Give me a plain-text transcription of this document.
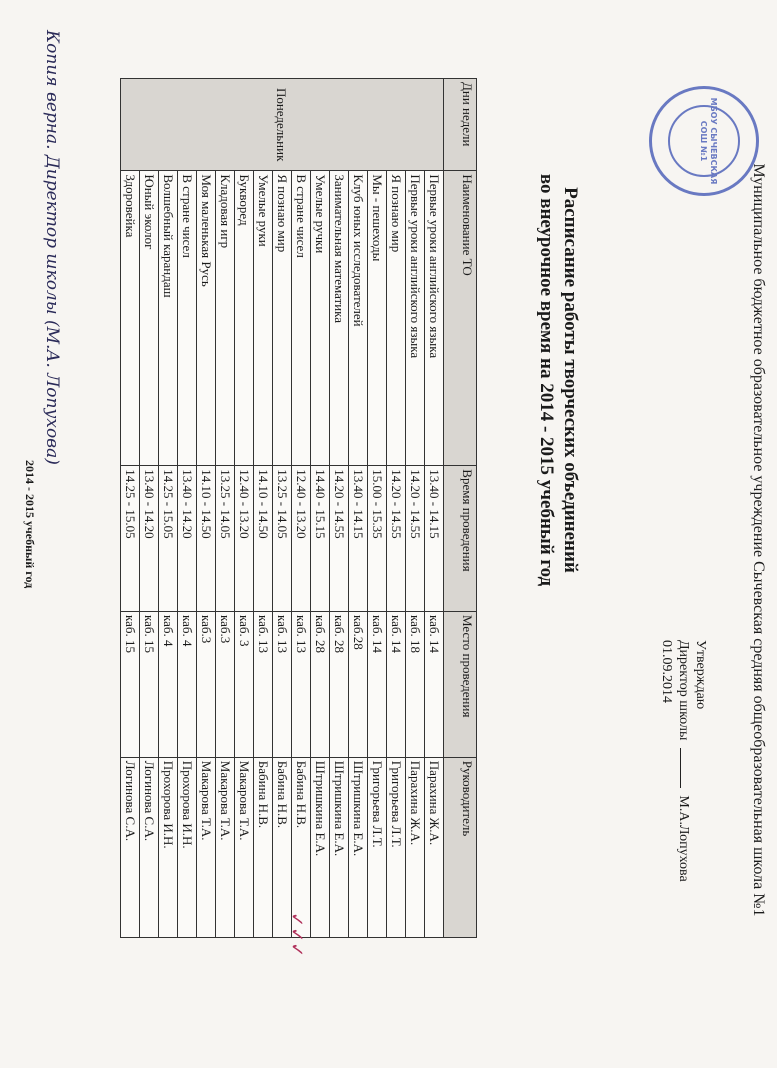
МБОУ СЫЧЕВСКАЯ СОШ №1
Муниципальное бюджетное образовательное учреждение Сычевская средняя общеобразовательная школа №1
Утверждаю
Директор школы  М.А.Лопухова
01.09.2014
Расписание работы творческих объединений
во внеурочное время на 2014 - 2015 учебный год
Дни недели	Наименование ТО	Время проведения	Место проведения	Руководитель
Понедельник	Первые уроки английского языка	13.40 - 14.15	каб. 14	Парахина Ж.А.
	Первые уроки английского языка	14.20 - 14.55	каб. 18	Парахина Ж.А.
	Я познаю мир	14.20 - 14.55	каб. 14	Григорьева Л.Т.
	Мы - пешеходы	15.00 - 15.35	каб. 14	Григорьева Л.Т.
	Клуб юных исследователей	13.40 - 14.15	каб.28	Штришкина Е.А.
	Занимательная математика	14.20 - 14.55	каб. 28	Штришкина Е.А.
	Умелые ручки	14.40 - 15.15	каб. 28	Штришкина Е.А.
	В стране чисел	12.40 - 13.20	каб. 13	Бабина Н.В.
	Я познаю мир	13.25 - 14.05	каб. 13	Бабина Н.В.
	Умелые руки	14.10 - 14.50	каб. 13	Бабина Н.В.
	Букворед	12.40 - 13.20	каб. 3	Макарова Т.А.
	Кладовая игр	13.25 - 14.05	каб.3	Макарова Т.А.
	Моя маленькая Русь	14.10 - 14.50	каб.3	Макарова Т.А.
	В стране чисел	13.40 - 14.20	каб. 4	Прохорова И.Н.
	Волшебный карандаш	14.25 - 15.05	каб. 4	Прохорова И.Н.
	Юный эколог	13.40 - 14.20	каб. 15	Логинова С.А.
	Здоровейка	14.25 - 15.05	каб. 15	Логинова С.А.
Копия верна. Директор школы (М.А. Лопухова)
✓✓✓
2014 - 2015 учебный год
